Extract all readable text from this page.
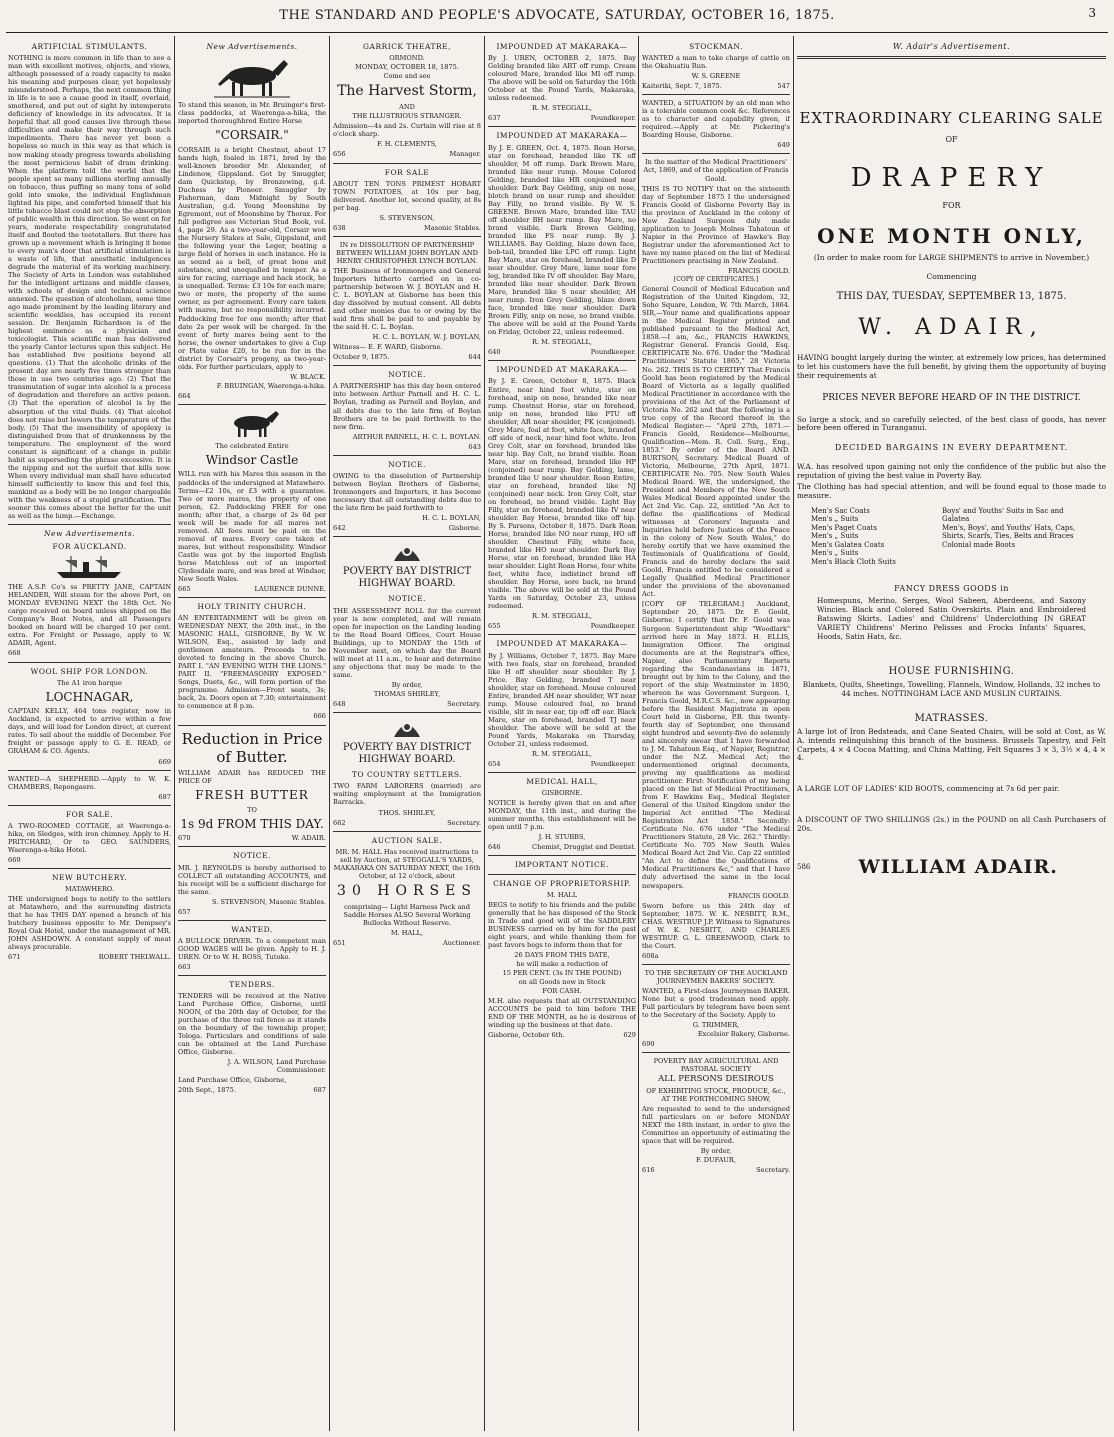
THE STANDARD AND PEOPLE'S ADVOCATE, SATURDAY, OCTOBER 16, 1875.	3
ARTIFICIAL STIMULANTS.
NOTHING is more common in life than to see a man with excellent motives, objects, and views, although possessed of a ready capacity to make his meaning and purposes clear, yet hopelessly misunderstood. Perhaps, the next common thing in life is to see a cause good in itself, overlaid, smothered, and put out of sight by intemperate deficiency of knowledge in its advocates. It is hopeful that all good causes live through these difficulties and make their way through such impediments. There has never yet been a hopeless so much in this way as that which is now making steady progress towards abolishing the most pernicious habit of dram drinking. When the platform told the world that the people spent so many millions sterling annually on tobacco, thus puffing so many tons of solid gold into smoke, the individual Englishman lighted his pipe, and comforted himself that his little tobacco blast could not stop the absorption of public wealth in this direction. So went on for years, moderate respectability congratulated itself and flouted the teetotallers. But there has grown up a movement which is bringing it home to every man's door that artificial stimulation is a waste of life, that anesthetic indulgences degrade the material of its working machinery. The Society of Arts in London was established for the intelligent artizans and middle classes, with schools of design and technical science annexed. The question of alcoholism, some time ago made prominent by the leading literary and scientific weeklies, has occupied its recent session. Dr. Benjamin Richardson is of the highest eminence as a physician and toxicologist. This scientific man has delivered the yearly Cantor lectures upon this subject. He has established five positions beyond all questions. (1) That the alcoholic drinks of the present day are nearly five times stronger than those in use two centuries ago. (2) That the transmutation of sugar into alcohol is a process of degradation and therefore an active poison. (3) That the operation of alcohol is by the absorption of the vital fluids. (4) That alcohol does not raise but lowers the temperature of the body. (5) That the insensibility of apoplexy is distinguished from that of drunkenness by the temperature. The employment of the word constant is significant of a change in public habit as superseding the phrase excessive. It is the nipping and not the surfeit that kills now. When every individual man shall have educated himself sufficiently to know this and feel this, mankind as a body will be no longer chargeable with the weakness of a stupid gratification. The sooner this comes about the better for the unit as well as the lump.—Exchange.
New Advertisements.
FOR AUCKLAND.
THE A.S.P. Co's ss PRETTY JANE, CAPTAIN HELANDER, Will steam for the above Port, on MONDAY EVENING NEXT the 18th Oct. No cargo received on board unless shipped on the Company's Boat Notes, and all Passengers booked on board will be charged 10 per cent. extra. For Freight or Passage, apply to W. ADAIR, Agent.
668
WOOL SHIP FOR LONDON.
The A1 iron barque
LOCHNAGAR,
CAPTAIN KELLY, 464 tons register, now in Auckland, is expected to arrive within a few days, and will load for London direct, at current rates. To sail about the middle of December. For freight or passage apply to G. E. READ, or GRAHAM & CO. Agents.
669
WANTED—A SHEPHERD.—Apply to W. K. CHAMBERS, Repongaere.
687
FOR SALE.
A TWO-ROOMED COTTAGE, at Waerenga-a-hika, on Sledges, with iron chimney. Apply to H. PRITCHARD, Or to GEO. SAUNDERS, Waerenga-a-hika Hotel.
669
NEW BUTCHERY.
MATAWHERO.
THE undersigned begs to notify to the settlers at Matawhero, and the surrounding districts that he has THIS DAY opened a branch of his butchery business opposite to Mr. Dempsey's Royal Oak Hotel, under the management of MR. JOHN ASHDOWN. A constant supply of meat always procurable.
671	ROBERT THELWALL.
New Advertisements.
To stand this season, in Mr. Bruinger's first-class paddocks, at Waerenga-a-hika, the imported thoroughbred Entire Horse
"CORSAIR."
CORSAIR is a bright Chestnut, about 17 hands high, foaled in 1871, bred by the well-known breeder Mr. Alexander, of Lindenow, Gippsland. Got by Smuggler, dam Quickstep, by Bronzewing, g.d. Duchess by Pioneer. Smuggler by Fisherman, dam Midnight by South Australian, g.d. Young Moonshine by Egremont, out of Moonshine by Thorax. For full pedigree see Victorian Stud Book, vol. 4, page 29. As a two-year-old, Corsair won the Nursery Stakes at Sale, Gippsland, and the following year the Leger, beating a large field of horses in each instance. He is as sound as a bell, of great bone and substance, and unequalled in temper. As a sire for racing, carriage and hack stock, he is unequalled. Terms: £3 10s for each mare; two or more, the property of the same owner, as per agreement. Every care taken with mares, but no responsibility incurred. Paddocking free for one month; after that date 2s per week will be charged. In the event of forty mares being sent to the horse, the owner undertakes to give a Cup or Plate value £20, to be run for in the district by Corsair's progeny, as two-year-olds. For further particulars, apply to
W. BLACK.
F. BRUINGAN, Waerenga-a-hika.
664
The celebrated Entire
Windsor Castle
WILL run with his Mares this season in the paddocks of the undersigned at Matawhero. Terms—£2 10s, or £3 with a guarantee. Two or more mares, the property of one person, £2. Paddocking FREE for one month; after that, a charge of 2s 6d per week will be made for all mares not removed. All fees must be paid on the removal of mares. Every care taken of mares, but without responsibility. Windsor Castle was got by the imported English horse Matchless out of an imported Clydesdale mare, and was bred at Windsor, New South Wales.
665	LAURENCE DUNNE.
HOLY TRINITY CHURCH.
AN ENTERTAINMENT will be given on WEDNESDAY NEXT, the 20th inst., in the MASONIC HALL, GISBORNE, By W. W. WILSON, Esq., assisted by lady and gentlemen amateurs. Proceeds to be devoted to fencing in the above Church. PART I. "AN EVENING WITH THE LIONS." PART II. "FREEMASONRY EXPOSED." Songs, Duets, &c., will form portion of the programme. Admission—Front seats, 3s; back, 2s. Doors open at 7.30; entertainment to commence at 8 p.m.
666
Reduction in Price of Butter.
WILLIAM ADAIR has REDUCED THE PRICE OF
FRESH BUTTER
TO
1s 9d FROM THIS DAY.
670	W. ADAIR.
NOTICE.
MR. J. REYNOLDS is hereby authorised to COLLECT all outstanding ACCOUNTS, and his receipt will be a sufficient discharge for the same.
S. STEVENSON, Masonic Stables.
657
WANTED.
A BULLOCK DRIVER. To a competent man GOOD WAGES will be given. Apply to H. J. UREN. Or to W. H. ROSS, Tutoko.
663
TENDERS.
TENDERS will be received at the Native Land Purchase Office, Gisborne, until NOON, of the 20th day of October, for the purchase of the three rail fence as it stands on the boundary of the township proper, Tologa. Particulars and conditions of sale can be obtained at the Land Purchase Office, Gisborne.
J. A. WILSON, Land Purchase Commissioner.
Land Purchase Office, Gisborne,
20th Sept., 1875.	687
GARRICK THEATRE,
ORMOND.
MONDAY, OCTOBER 18, 1875.
Come and see
The Harvest Storm,
AND
THE ILLUSTRIOUS STRANGER.
Admission—4s and 2s. Curtain will rise at 8 o'clock sharp.
F. H. CLEMENTS,
656	Manager.
FOR SALE
ABOUT TEN TONS PRIMEST HOBART TOWN POTATOES, at 10s per bag, delivered. Another lot, second quality, at 8s per bag.
S. STEVENSON,
638	Masonic Stables.
IN re DISSOLUTION OF PARTNERSHIP BETWEEN WILLIAM JOHN BOYLAN AND HENRY CHRISTOPHER LYNCH BOYLAN.
THE Business of Ironmongers and General Importers hitherto carried on in co-partnership between W. J. BOYLAN and H. C. L. BOYLAN at Gisborne has been this day dissolved by mutual consent. All debts and other monies due to or owing by the said firm shall be paid to and payable by the said H. C. L. Boylan.
H. C. L. BOYLAN, W. J. BOYLAN,
Witness— E. F. WARD, Gisborne.
October 9, 1875.	644
NOTICE.
A PARTNERSHIP has this day been entered into between Arthur Parnell and H. C. L. Boylan, trading as Parnell and Boylan, and all debts due to the late firm of Boylan Brothers are to be paid forthwith to the new firm.
ARTHUR PARNELL, H. C. L. BOYLAN.
643
NOTICE.
OWING to the dissolution of Partnership between Boylan Brothers of Gisborne, Ironmongers and Importers, it has become necessary that all outstanding debts due to the late firm be paid forthwith to
H. C. L. BOYLAN,
642	Gisborne.
POVERTY BAY DISTRICT HIGHWAY BOARD.
NOTICE.
THE ASSESSMENT ROLL for the current year is now completed, and will remain open for inspection on the Landing leading to the Road Board Offices, Court House Buildings, up to MONDAY the 15th of November next, on which day the Board will meet at 11 a.m., to hear and determine any objections that may be made to the same.
By order,
THOMAS SHIRLEY,
648	Secretary.
POVERTY BAY DISTRICT HIGHWAY BOARD.
TO COUNTRY SETTLERS.
TWO FARM LABORERS (married) are waiting employment at the Immigration Barracks.
THOS. SHIRLEY,
662	Secretary.
AUCTION SALE.
MR. M. HALL Has received instructions to sell by Auction, at STEGGALL'S YARDS, MAKARAKA ON SATURDAY NEXT, the 16th October, at 12 o'clock, about
30 HORSES
comprising— Light Harness Pack and Saddle Horses ALSO Several Working Bullocks Without Reserve.
M. HALL,
651	Auctioneer.
IMPOUNDED AT MAKARAKA—
By J. UREN, OCTOBER 2, 1875. Bay Gelding branded like ART off rump. Cream coloured Mare, branded like MI off rump. The above will be sold on Saturday the 16th October at the Pound Yards, Makaraka, unless redeemed.
R. M. STEGGALL,
637	Poundkeeper.
IMPOUNDED AT MAKARAKA—
By J. E. GREEN, Oct. 4, 1875. Roan Horse, star on forehead, branded like TK off shoulder, M off rump. Dark Brown Mare, branded like near rump. Mouse Colored Gelding, branded like HR conjoined near shoulder. Dark Bay Gelding, snip on nose, blotch brand on near rump and shoulder. Bay Filly, no brand visible. By W. S. GREENE. Brown Mare, branded like TAU off shoulder BH near rump. Bay Mare, no brand visible. Dark Brown Gelding, branded like FS near rump. By J. WILLIAMS. Bay Gelding, blaze down face, bob-tail, branded like LPC off rump. Light Bay Mare, star on forehead, branded like D near shoulder. Grey Mare, lame near fore leg, branded like IV off shoulder. Bay Mare, branded like near shoulder. Dark Brown Mare, branded like S near shoulder, AH near rump. Iron Grey Gelding, blaze down face, branded like near shoulder. Dark Brown Filly, snip on nose, no brand visible. The above will be sold at the Pound Yards on Friday, October 22, unless redeemed.
R. M. STEGGALL,
640	Poundkeeper.
IMPOUNDED AT MAKARAKA—
By J. E. Green, October 8, 1875. Black Entire, near hind foot white, star on forehead, snip on nose, branded like near rump. Chestnut Horse, star on forehead, snip on nose, branded like PTU off shoulder, AR near shoulder, PK (conjoined). Grey Mare, foal at foot, white face, branded off side of neck, near hind foot white. Iron Grey Colt, star on forehead, branded like near hip. Bay Colt, no brand visible. Roan Mare, star on forehead, branded like HP (conjoined) near rump. Bay Gelding, lame, branded like U near shoulder. Roan Entire, star on forehead, branded like NJ (conjoined) near neck. Iron Grey Colt, star on forehead, no brand visible. Light Bay Filly, star on forehead, branded like IV near shoulder. Bay Horse, branded like off hip. By S. Parsons, October 8, 1875. Dark Roan Horse, branded like NO near rump, HO off shoulder. Chestnut Filly, white face, branded like HO near shoulder. Dark Bay Horse, star on forehead, branded like HA near shoulder. Light Roan Horse, four white feet, white face, indistinct brand off shoulder. Bay Horse, sore back, no brand visible. The above will be sold at the Pound Yards on Saturday, October 23, unless redeemed.
R. M. STEGGALL,
655	Poundkeeper.
IMPOUNDED AT MAKARAKA—
By J. Williams, October 7, 1875. Bay Mare with two foals, star on forehead, branded like H off shoulder near shoulder. By J. Price. Bay Gelding, branded T near shoulder, star on forehead. Mouse coloured Entire, branded AH near shoulder, WT near rump. Mouse coloured foal, no brand visible, slit in near ear, tip off off ear. Black Mare, star on forehead, branded TJ near shoulder. The above will be sold at the Pound Yards, Makaraka on Thursday, October 21, unless redeemed.
R. M. STEGGALL,
654	Poundkeeper.
MEDICAL HALL,
GISBORNE.
NOTICE is hereby given that on and after MONDAY, the 11th inst., and during the summer months, this establishment will be open until 7 p.m.
J. H. STUBBS,
646	Chemist, Druggist and Dentist.
IMPORTANT NOTICE.
CHANGE OF PROPRIETORSHIP.
M. HALL
BEGS to notify to his friends and the public generally that he has disposed of the Stock in Trade and good will of the SADDLERY BUSINESS carried on by him for the past eight years, and while thanking them for past favors begs to inform them that for
26 DAYS FROM THIS DATE,
he will make a reduction of
15 PER CENT. (3s IN THE POUND)
on all Goods now in Stock
FOR CASH.
M.H. also requests that all OUTSTANDING ACCOUNTS be paid to him before THE END OF THE MONTH, as he is desirous of winding up the business at that date.
Gisborne, October 6th.	629
STOCKMAN.
WANTED a man to take charge of cattle on the Okahuatiu Run.
W. S. GREENE
Kaiteriki, Sept. 7, 1875.	547
WANTED, a SITUATION by an old man who is a tolerable common cook &c. References as to character and capability given, if required.—Apply at Mr. Pickering's Boarding House, Gisborne.
649
In the matter of the Medical Practitioners' Act, 1869, and of the application of Francis Goold.
THIS IS TO NOTIFY that on the sixteenth day of September 1875 I the undersigned Francis Goold of Gisborne Poverty Bay in the province of Auckland in the colony of New Zealand Surgeon duly made application to Joseph Molnes Tahatoun of Napier in the Province of Hawke's Bay Registrar under the aforementioned Act to have my name placed on the list of Medical Practitioners practising in New Zealand.
FRANCIS GOOLD.
[COPY OF CERTIFICATES.]
General Council of Medical Education and Registration of the United Kingdom, 32, Soho Square, London, W. 7th March, 1864. SIR,—Your name and qualifications appear in the Medical Register printed and published pursuant to the Medical Act, 1858.—I am, &c., FRANCIS HAWKINS, Registrar General. Francis Goold, Esq. CERTIFICATE No. 676. Under the "Medical Practitioners' Statute 1865," 28 Victoria No. 262. THIS IS TO CERTIFY That Francis Goold has been registered by the Medical Board of Victoria as a legally qualified Medical Practitioner in accordance with the provisions of the Act of the Parliament of Victoria No. 262 and that the following is a true copy of the Record thereof in the Medical Register:— "April 27th, 1871.—Francis Goold, Residence—Melbourne, Qualification—Mem. R. Coll. Surg., Eng., 1853." By order of the Board AND. BURTSON, Secretary. Medical Board of Victoria, Melbourne, 27th April, 1871. CERTIFICATE No. 705. New South Wales Medical Board. WE, the undersigned, the President and Members of the New South Wales Medical Board appointed under the Act 2nd Vic. Cap. 22, entitled "An Act to define the qualifications of Medical witnesses at Coroners' Inquests and Inquiries held before Justices of the Peace in the colony of New South Wales," do hereby certify that we have examined the Testimonials of Qualifications of Goold, Francis and do hereby declare the said Goold, Francis entitled to be considered a Legally Qualified Medical Practitioner under the provisions of the abovenamed Act.
[COPY OF TELEGRAM.] Auckland, September 20, 1875. Dr. F. Goold, Gisborne. I certify that Dr. F. Goold was Surgeon Superintendent ship "Woodlark" arrived here in May 1873. H. ELLIS, Immigration Officer. The original documents are at the Registrar's office, Napier, also Parliamentary Reports regarding the Scandanavians in 1871, brought out by him to the Colony, and the report of the ship Westminster in 1850, whereon he was Government Surgeon. I, Francis Goold, M.R.C.S. &c., now appearing before the Resident Magistrate in open Court held in Gisborne, P.B. this twenty-fourth day of September, one thousand eight hundred and seventy-five do solemnly and sincerely swear that I have forwarded to J. M. Tahatoun Esq., of Napier, Registrar, under the N.Z. Medical Act; the undermentioned original documents, proving my qualifications as medical practitioner. First: Notification of my being placed on the list of Medical Practitioners, from F. Hawkins Esq., Medical Register General of the United Kingdom under the Imperial Act entitled "The Medical Registration Act 1858." Secondly: Certificate No. 676 under "The Medical Practitioners Statute, 28 Vic. 262." Thirdly: Certificate No. 705 New South Wales Medical Board Act 2nd Vic. Cap 22 entitled "An Act to define the Qualifications of Medical Practitioners &c," and that I have duly advertised the same in the local newspapers.
FRANCIS GOOLD.
Sworn before us this 24th day of September, 1875. W. K. NESBITT, R.M., CHAS. WESTRUP J.P. Witness to Signatures of W. K. NESBITT, AND CHARLES WESTRUP. G. L. GREENWOOD, Clerk to the Court.
608a
TO THE SECRETARY OF THE AUCKLAND JOURNEYMEN BAKERS' SOCIETY.
WANTED, a First-class Journeyman BAKER. None but a good tradesman need apply. Full particulars by telegram have been sent to the Secretary of the Society. Apply to
G. TRIMMER,
Excelsior Bakery, Gisborne.
690
POVERTY BAY AGRICULTURAL AND PASTORAL SOCIETY
ALL PERSONS DESIROUS
OF EXHIBITING STOCK, PRODUCE, &c., AT THE FORTHCOMING SHOW,
Are requested to send to the undersigned full particulars on or before MONDAY NEXT the 18th instant, in order to give the Committee an opportunity of estimating the space that will be required.
By order,
F. DUFAUR,
616	Secretary.
W. Adair's Advertisement.
EXTRAORDINARY CLEARING SALE
OF
DRAPERY
FOR
ONE MONTH ONLY,
(In order to make room for LARGE SHIPMENTS to arrive in November,)
Commencing
THIS DAY, TUESDAY, SEPTEMBER 13, 1875.
W. ADAIR,
HAVING bought largely during the winter, at extremely low prices, has determined to let his customers have the full benefit, by giving them the opportunity of buying their requirements at
PRICES NEVER BEFORE HEARD OF IN THE DISTRICT.
So large a stock, and so carefully selected, of the best class of goods, has never before been offered in Turanganui.
DECIDED BARGAINS IN EVERY DEPARTMENT.
W.A. has resolved upon gaining not only the confidence of the public but also the reputation of giving the best value in Poverty Bay.
The Clothing has had special attention, and will be found equal to those made to measure.
Men's Sac Coats
Men's „ Suits
Men's Paget Coats
Men's „ Suits
Men's Galatea Coats
Men's „ Suits
Men's Black Cloth Suits
Boys' and Youths' Suits in Sac and Galatea
Men's, Boys', and Youths' Hats, Caps, Shirts, Scarfs, Ties, Belts and Braces
Colonial made Boots
FANCY DRESS GOODS in
Homespuns, Merino, Serges, Wool Sabeen, Aberdeens, and Saxony Wincies. Black and Colored Satin Overskirts. Plain and Embroidered Batswing Skirts. Ladies' and Childrens' Underclothing IN GREAT VARIETY Childrens' Merino Pelisses and Frocks Infants' Squares, Hoods, Satin Hats, &c.
HOUSE FURNISHING.
Blankets, Quilts, Sheetings, Towelling, Flannels, Window, Hollands, 32 inches to 44 inches. NOTTINGHAM LACE AND MUSLIN CURTAINS.
MATRASSES.
A large lot of Iron Bedsteads, and Cane Seated Chairs, will be sold at Cost, as W. A. intends relinquishing this branch of the business. Brussels Tapestry, and Felt Carpets, 4 × 4 Cocoa Matting, and China Matting, Felt Squares 3 × 3, 3½ × 4, 4 × 4.
A LARGE LOT OF LADIES' KID BOOTS, commencing at 7s 6d per pair.
A DISCOUNT OF TWO SHILLINGS (2s.) in the POUND on all Cash Purchasers of 20s.
586	WILLIAM ADAIR.
